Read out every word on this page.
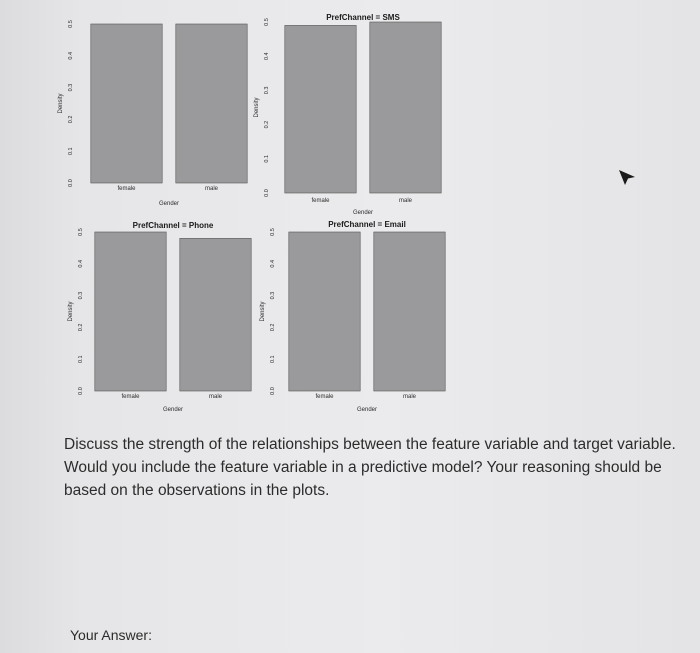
female	male
0.0
0.1
0.2
0.3
0.4
0.5
Density
Gender	female	male
0.0
0.1
0.2
0.3
0.4
0.5
Density
Gender
PrefChannel = SMS
female	male
0.0
0.1
0.2
0.3
0.4
0.5
Density
Gender
PrefChannel = Phone
female	male
0.0
0.1
0.2
0.3
0.4
0.5
Density
Gender
PrefChannel = Email
Discuss the strength of the relationships between the feature variable and target variable. Would you include the feature variable in a predictive model? Your reasoning should be based on the observations in the plots.
Your Answer:
